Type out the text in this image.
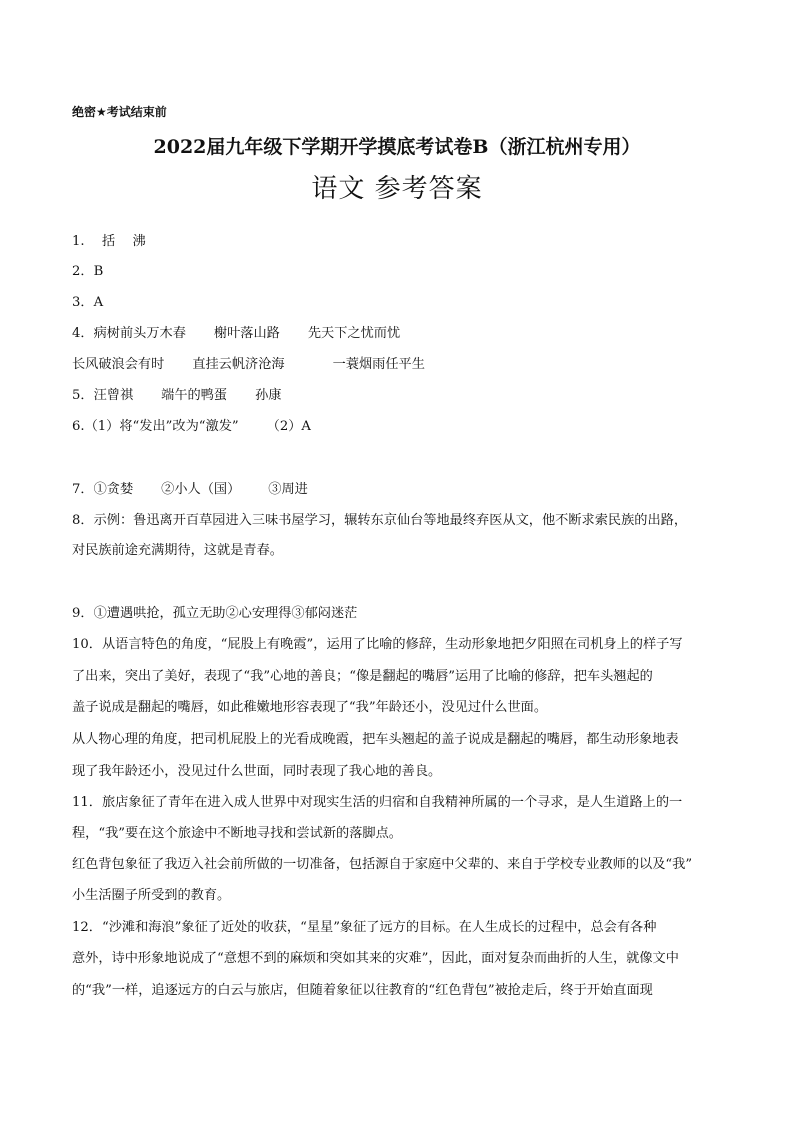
绝密★考试结束前
2022届九年级下学期开学摸底考试卷B（浙江杭州专用）
语文 参考答案
1.　 括　 沸
2．B
3．A
4．病树前头万木春 榭叶落山路 先天下之忧而忧
长风破浪会有时 直挂云帆济沧海	一蓑烟雨任平生
5．汪曾祺 端午的鸭蛋 孙康
6.（1）将“发出”改为“激发” （2）A
7．①贪婪 ②小人（国） ③周进
8．示例：鲁迅离开百草园进入三味书屋学习，辗转东京仙台等地最终弃医从文，他不断求索民族的出路，
对民族前途充满期待，这就是青春。
9．①遭遇哄抢，孤立无助②心安理得③郁闷迷茫
10．从语言特色的角度，“屁股上有晚霞”，运用了比喻的修辞，生动形象地把夕阳照在司机身上的样子写
了出来，突出了美好，表现了“我”心地的善良；“像是翻起的嘴唇”运用了比喻的修辞，把车头翘起的
盖子说成是翻起的嘴唇，如此稚嫩地形容表现了“我”年龄还小，没见过什么世面。
从人物心理的角度，把司机屁股上的光看成晚霞，把车头翘起的盖子说成是翻起的嘴唇，都生动形象地表
现了我年龄还小，没见过什么世面，同时表现了我心地的善良。
11．旅店象征了青年在进入成人世界中对现实生活的归宿和自我精神所属的一个寻求，是人生道路上的一
程，“我”要在这个旅途中不断地寻找和尝试新的落脚点。
红色背包象征了我迈入社会前所做的一切准备，包括源自于家庭中父辈的、来自于学校专业教师的以及“我”
小生活圈子所受到的教育。
12．“沙滩和海浪”象征了近处的收获，“星星”象征了远方的目标。在人生成长的过程中，总会有各种
意外，诗中形象地说成了“意想不到的麻烦和突如其来的灾难”，因此，面对复杂而曲折的人生，就像文中
的“我”一样，追逐远方的白云与旅店，但随着象征以往教育的“红色背包”被抢走后，终于开始直面现
